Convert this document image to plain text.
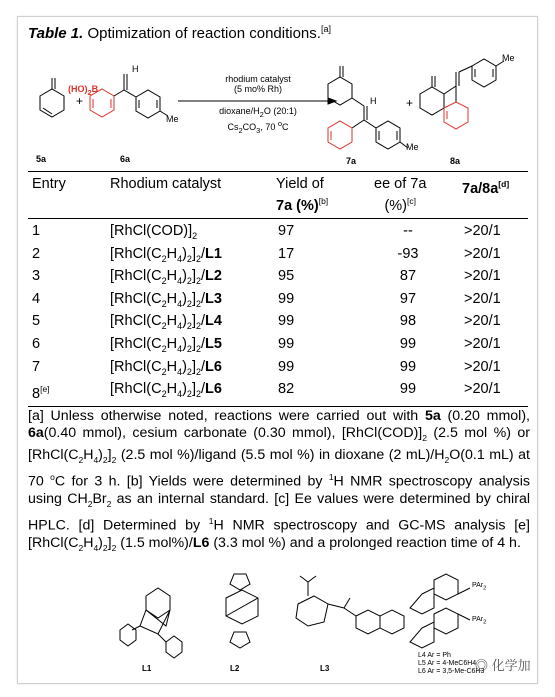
Table 1. Optimization of reaction conditions.[a]
$(HO)_2B$
H
Me
+	+
H
Me
Me
rhodium catalyst
(5 mo% Rh)
dioxane/$H_2O$ (20:1)
$Cs_2CO_3$, 70 $^o$C
5a	6a	7a	8a
Entry	Rhodium catalyst	Yield of
7a (%)[b]
ee of 7a
(%)[c]
7a/8a[d]
1	$[RhCl(COD)]_2$	97	--	>20/1
2	$[RhCl(C_2H_4)_2]_2/L1$	17	-93	>20/1
3	$[RhCl(C_2H_4)_2]_2/L2$	95	87	>20/1
4	$[RhCl(C_2H_4)_2]_2/L3$	99	97	>20/1
5	$[RhCl(C_2H_4)_2]_2/L4$	99	98	>20/1
6	$[RhCl(C_2H_4)_2]_2/L5$	99	99	>20/1
7	$[RhCl(C_2H_4)_2]_2/L6$	99	99	>20/1
8[e]	$[RhCl(C_2H_4)_2]_2/L6$	82	99	>20/1
[a] Unless otherwise noted, reactions were carried out with 5a (0.20 mmol), 6a(0.40 mmol), cesium carbonate (0.30 mmol), $[RhCl(COD)]_2$ (2.5 mol %) or $[RhCl(C_2H_4)_2]_2$ (2.5 mol %)/ligand (5.5 mol %) in dioxane (2 $mL)/H_2O(0.1$ mL) at 70 $^o$C for 3 h. [b] Yields were determined by $^1$H NMR spectroscopy analysis using $CH_2Br_2$ as an internal standard. [c] Ee values were determined by chiral HPLC. [d] Determined by $^1$H NMR spectroscopy and GC-MS analysis [e] $[RhCl(C_2H_4)_2]_2$ (1.5 mol%)/L6 (3.3 mol %) and a prolonged reaction time of 4 h.
L1	L2	L3
PAr$_2$
PAr$_2$
L4 Ar = Ph
L5 Ar = 4-MeC6H4
L6 Ar = 3,5-Me-C6H3
◎ 化学加
